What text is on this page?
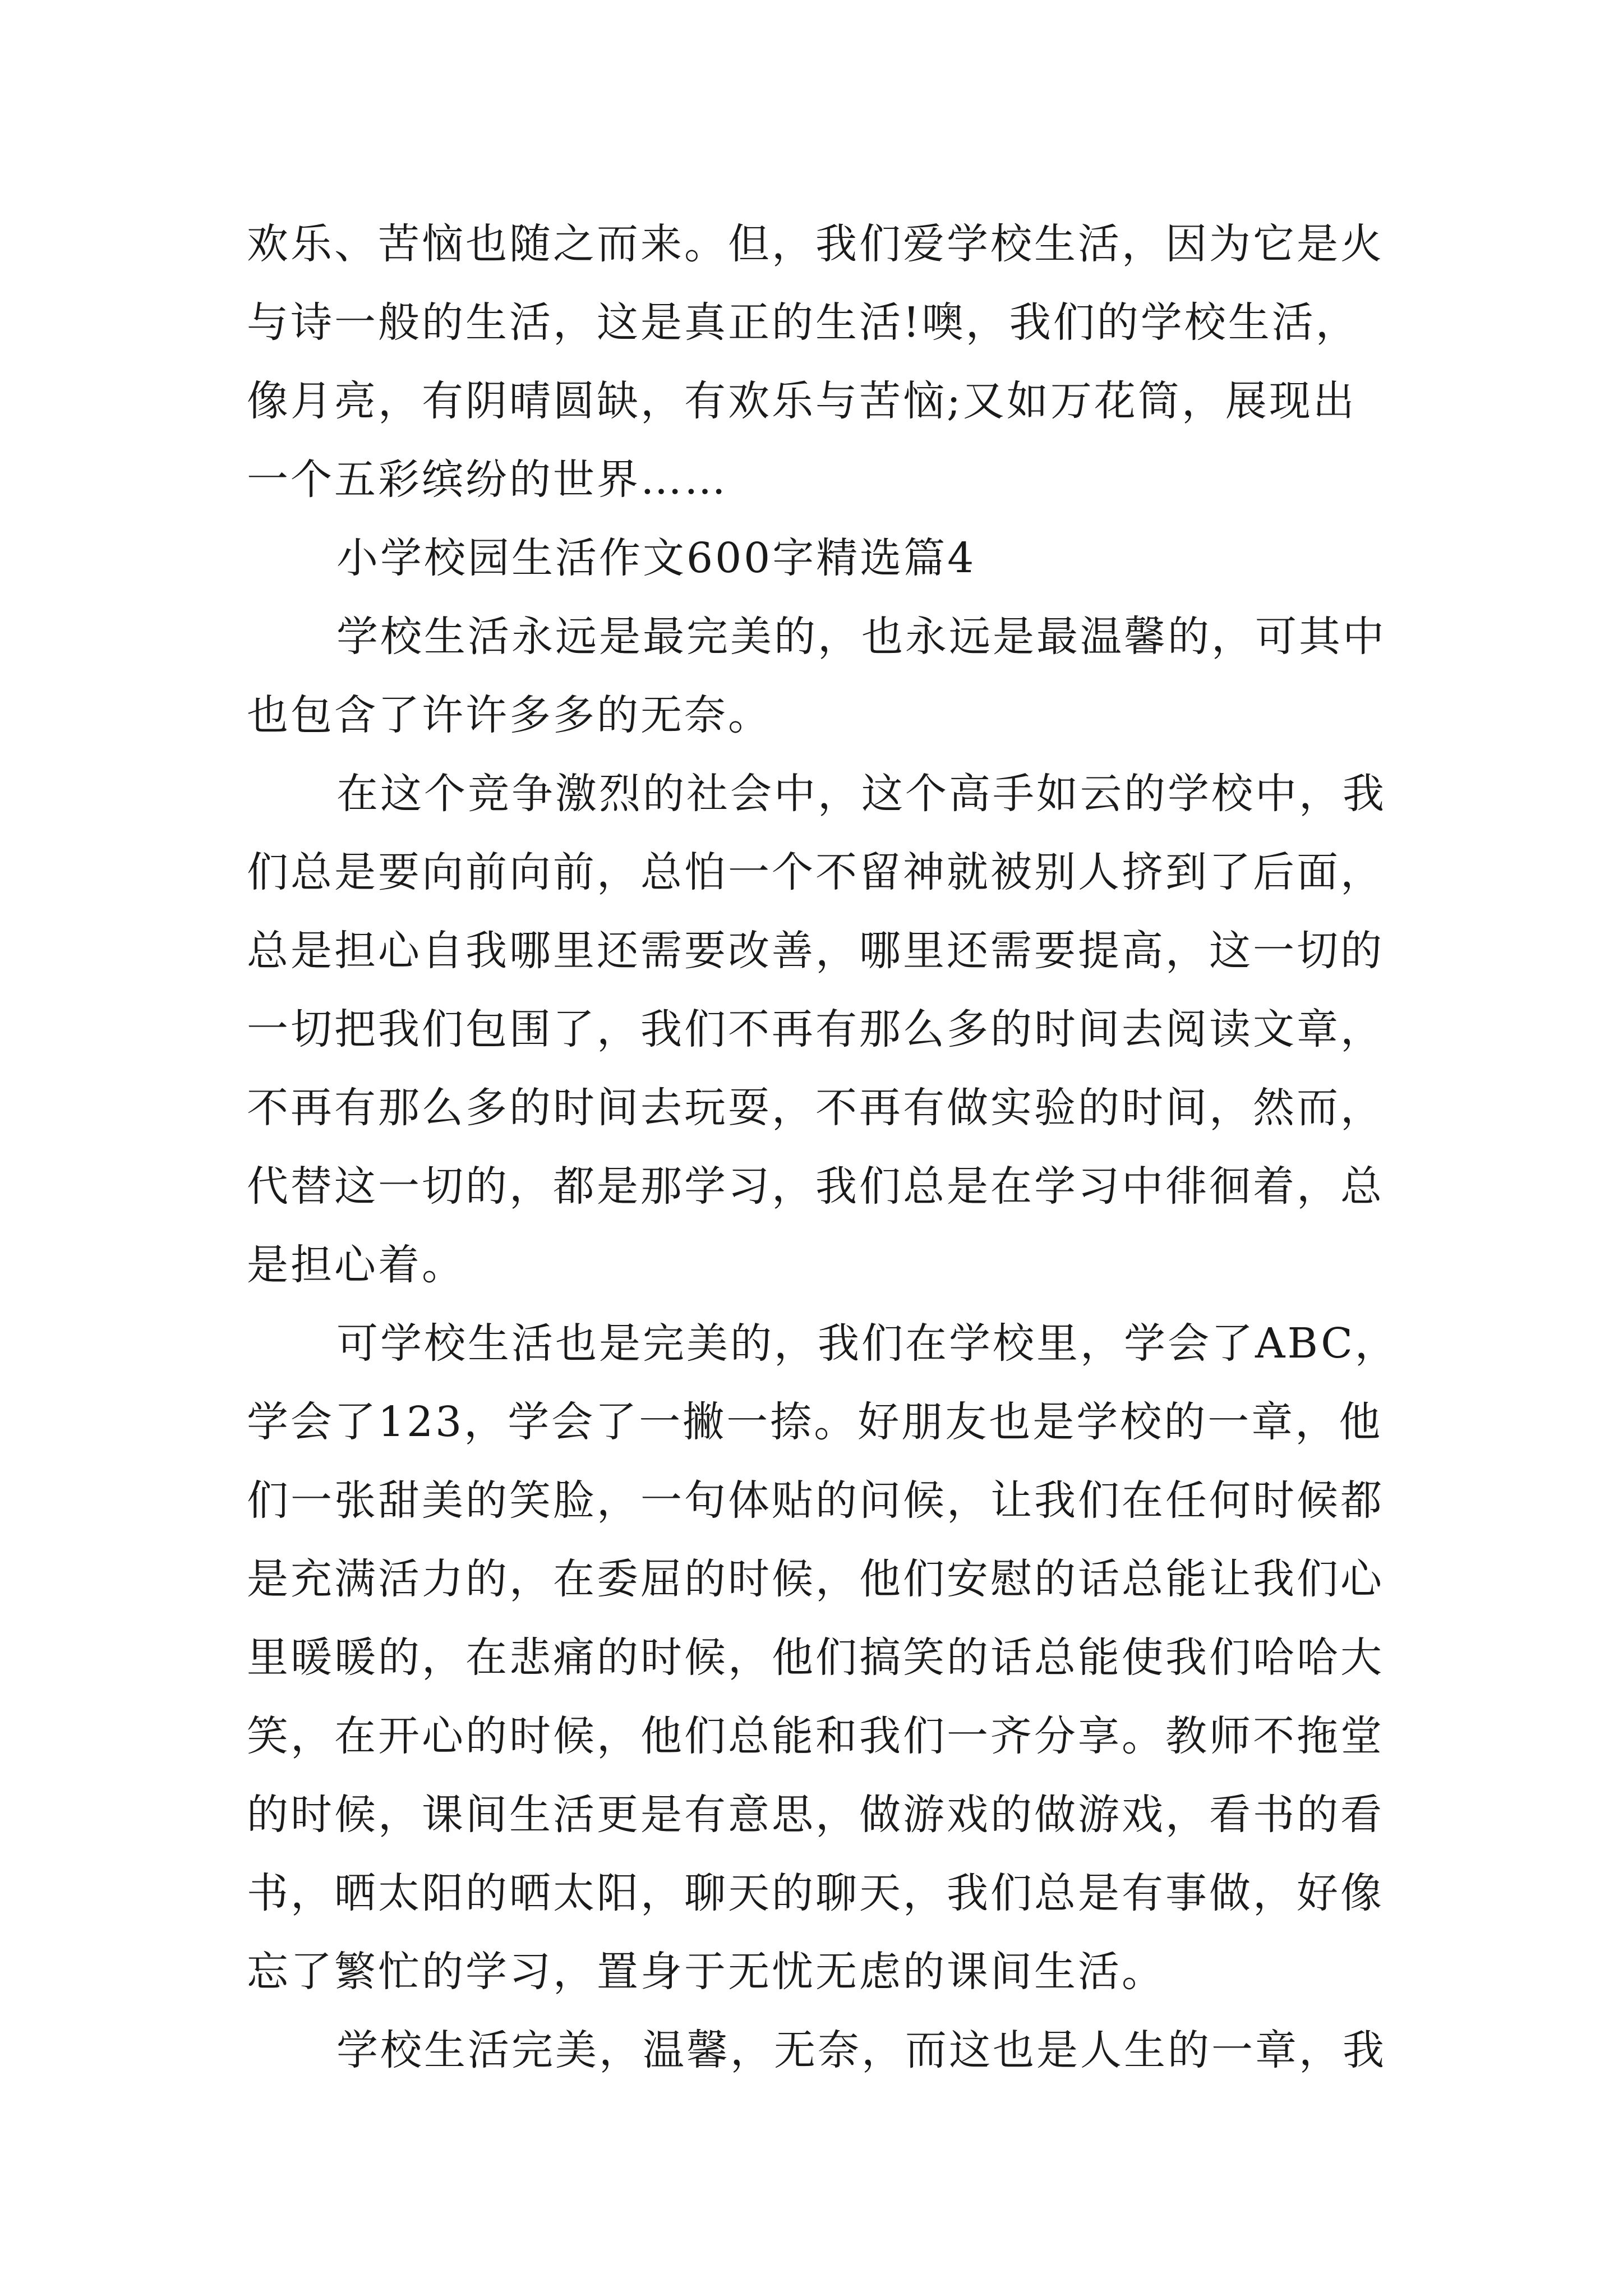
欢乐、苦恼也随之而来。但，我们爱学校生活，因为它是火
与诗一般的生活，这是真正的生活!噢，我们的学校生活，
像月亮，有阴晴圆缺，有欢乐与苦恼;又如万花筒，展现出
一个五彩缤纷的世界……
小学校园生活作文600字精选篇4
学校生活永远是最完美的，也永远是最温馨的，可其中
也包含了许许多多的无奈。
在这个竞争激烈的社会中，这个高手如云的学校中，我
们总是要向前向前，总怕一个不留神就被别人挤到了后面，
总是担心自我哪里还需要改善，哪里还需要提高，这一切的
一切把我们包围了，我们不再有那么多的时间去阅读文章，
不再有那么多的时间去玩耍，不再有做实验的时间，然而，
代替这一切的，都是那学习，我们总是在学习中徘徊着，总
是担心着。
可学校生活也是完美的，我们在学校里，学会了ABC，
学会了123，学会了一撇一捺。好朋友也是学校的一章，他
们一张甜美的笑脸，一句体贴的问候，让我们在任何时候都
是充满活力的，在委屈的时候，他们安慰的话总能让我们心
里暖暖的，在悲痛的时候，他们搞笑的话总能使我们哈哈大
笑，在开心的时候，他们总能和我们一齐分享。教师不拖堂
的时候，课间生活更是有意思，做游戏的做游戏，看书的看
书，晒太阳的晒太阳，聊天的聊天，我们总是有事做，好像
忘了繁忙的学习，置身于无忧无虑的课间生活。
学校生活完美，温馨，无奈，而这也是人生的一章，我
